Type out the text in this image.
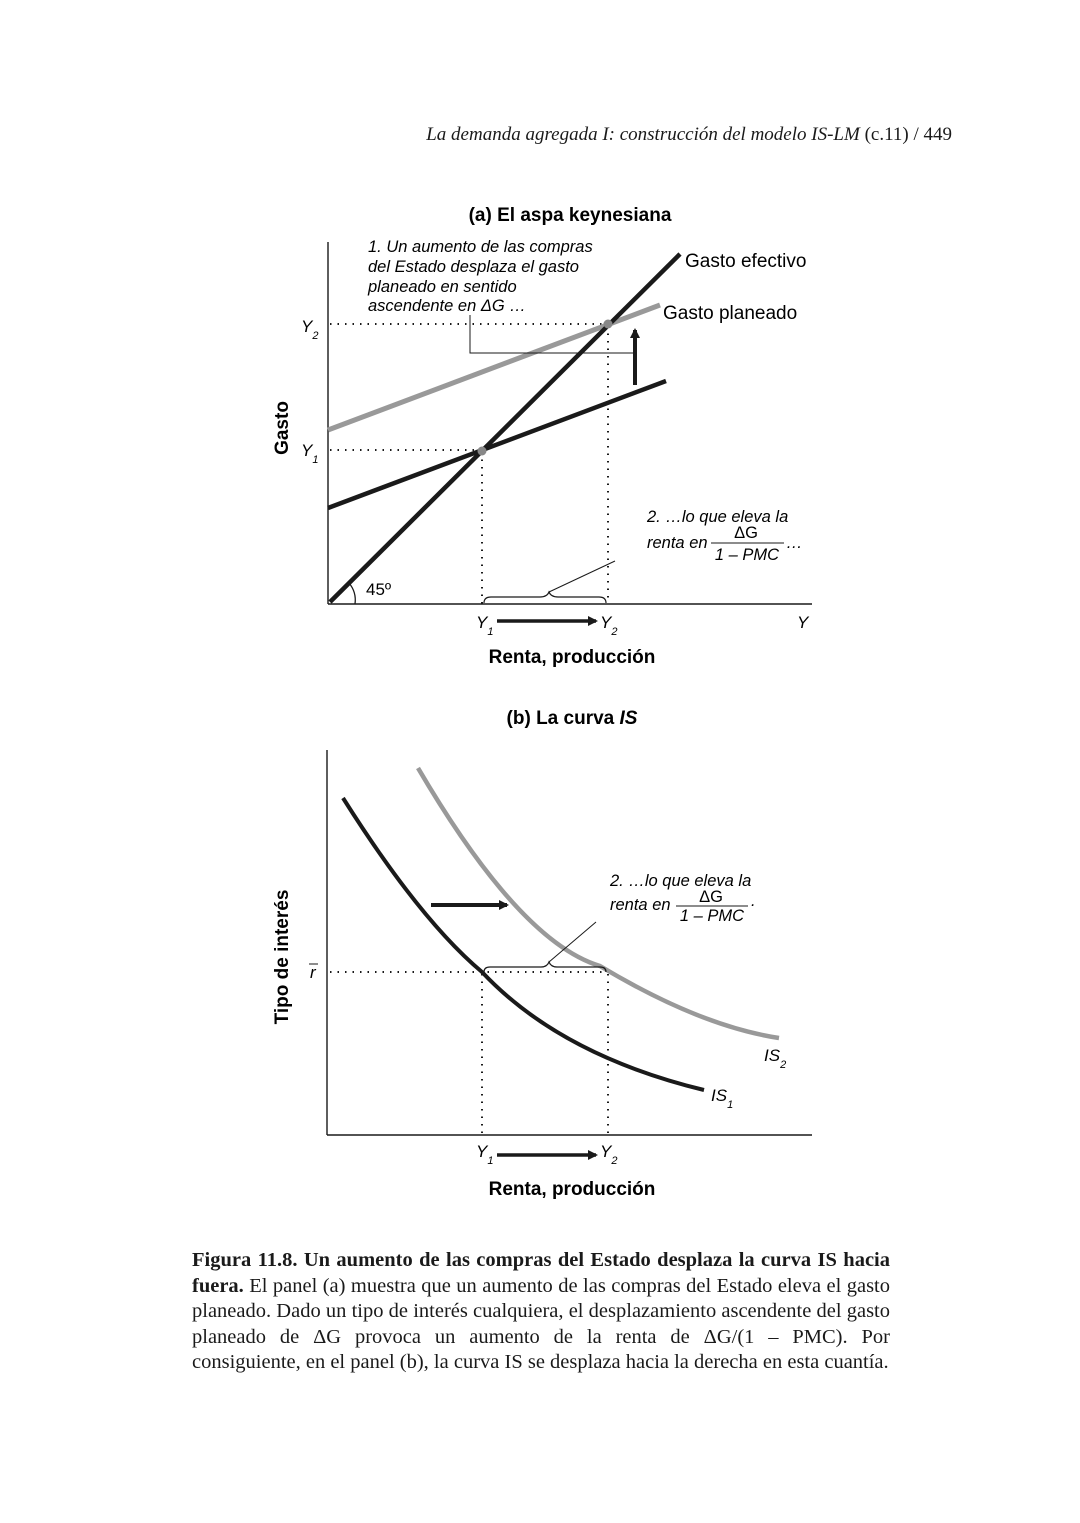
La demanda agregada I: construcción del modelo IS-LM (c.11) / 449
(a) El aspa keynesiana
Gasto
$Y_2$
$Y_1$
45º
Gasto efectivo
Gasto planeado
1. Un aumento de las compras
del Estado desplaza el gasto
planeado en sentido
ascendente en ΔG …
2. …lo que eleva la
renta en
ΔG
1 – PMC
…
$Y_1$	$Y_2$	Y
Renta, producción
(b) La curva IS
Tipo de interés r
2. …lo que eleva la
renta en ΔG
1 – PMC
.
$IS_2$
$IS_1$
$Y_1$	$Y_2$
Renta, producción
Figura 11.8. Un aumento de las compras del Estado desplaza la curva IS hacia fuera. El panel (a) muestra que un aumento de las compras del Estado eleva el gasto planeado. Dado un tipo de interés cualquiera, el desplazamiento ascendente del gasto planeado de ΔG provoca un aumento de la renta de ΔG/(1 – PMC). Por consiguiente, en el panel (b), la curva IS se desplaza hacia la derecha en esta cuantía.
